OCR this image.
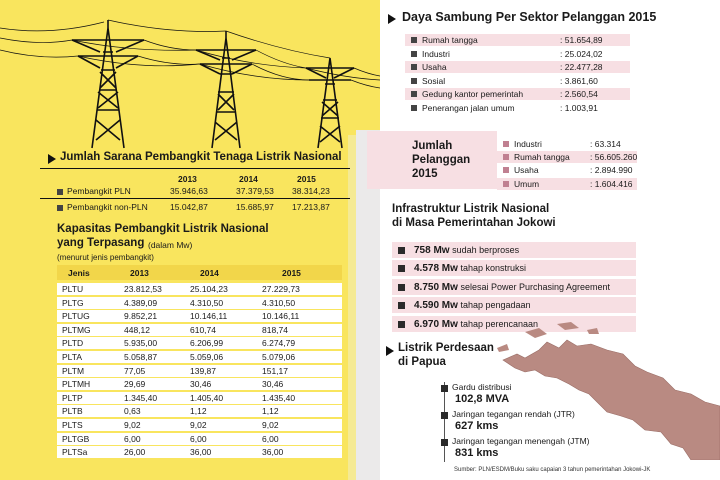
Jumlah Sarana Pembangkit Tenaga Listrik Nasional
2013	2014	2015
Pembangkit PLN	35.946,63	37.379,53 38.314,23
Pembangkit non-PLN	15.042,87	15.685,97 17.213,87
Kapasitas Pembangkit Listrik Nasional
yang Terpasang (dalam Mw)
(menurut jenis pembangkit)
Jenis	2013	2014	2015
PLTU	23.812,53	25.104,23	27.229,73
PLTG	4.389,09	4.310,50	4.310,50
PLTUG	9.852,21	10.146,11	10.146,11
PLTMG	448,12	610,74	818,74
PLTD	5.935,00	6.206,99	6.274,79
PLTA	5.058,87	5.059,06	5.079,06
PLTM	77,05	139,87	151,17
PLTMH	29,69	30,46	30,46
PLTP	1.345,40	1.405,40	1.435,40
PLTB	0,63	1,12	1,12
PLTS	9,02	9,02	9,02
PLTGB	6,00	6,00	6,00
PLTSa	26,00	36,00	36,00
Daya Sambung Per Sektor Pelanggan 2015
Rumah tangga	: 51.654,89
Industri	: 25.024,02
Usaha	: 22.477,28
Sosial	: 3.861,60
Gedung kantor pemerintah	: 2.560,54
Penerangan jalan umum	: 1.003,91
Jumlah
Pelanggan
2015
Industri	: 63.314
Rumah tangga : 56.605.260
Usaha	: 2.894.990
Umum	: 1.604.416
Infrastruktur Listrik Nasional
di Masa Pemerintahan Jokowi
758 Mw sudah berproses
4.578 Mw tahap konstruksi
8.750 Mw selesai Power Purchasing Agreement
4.590 Mw tahap pengadaan
6.970 Mw tahap perencanaan
Listrik Perdesaan
di Papua
Gardu distribusi
102,8 MVA
Jaringan tegangan rendah (JTR)
627 kms
Jaringan tegangan menengah (JTM)
831 kms
Sumber: PLN/ESDM/Buku saku capaian 3 tahun pemerintahan Jokowi-JK
